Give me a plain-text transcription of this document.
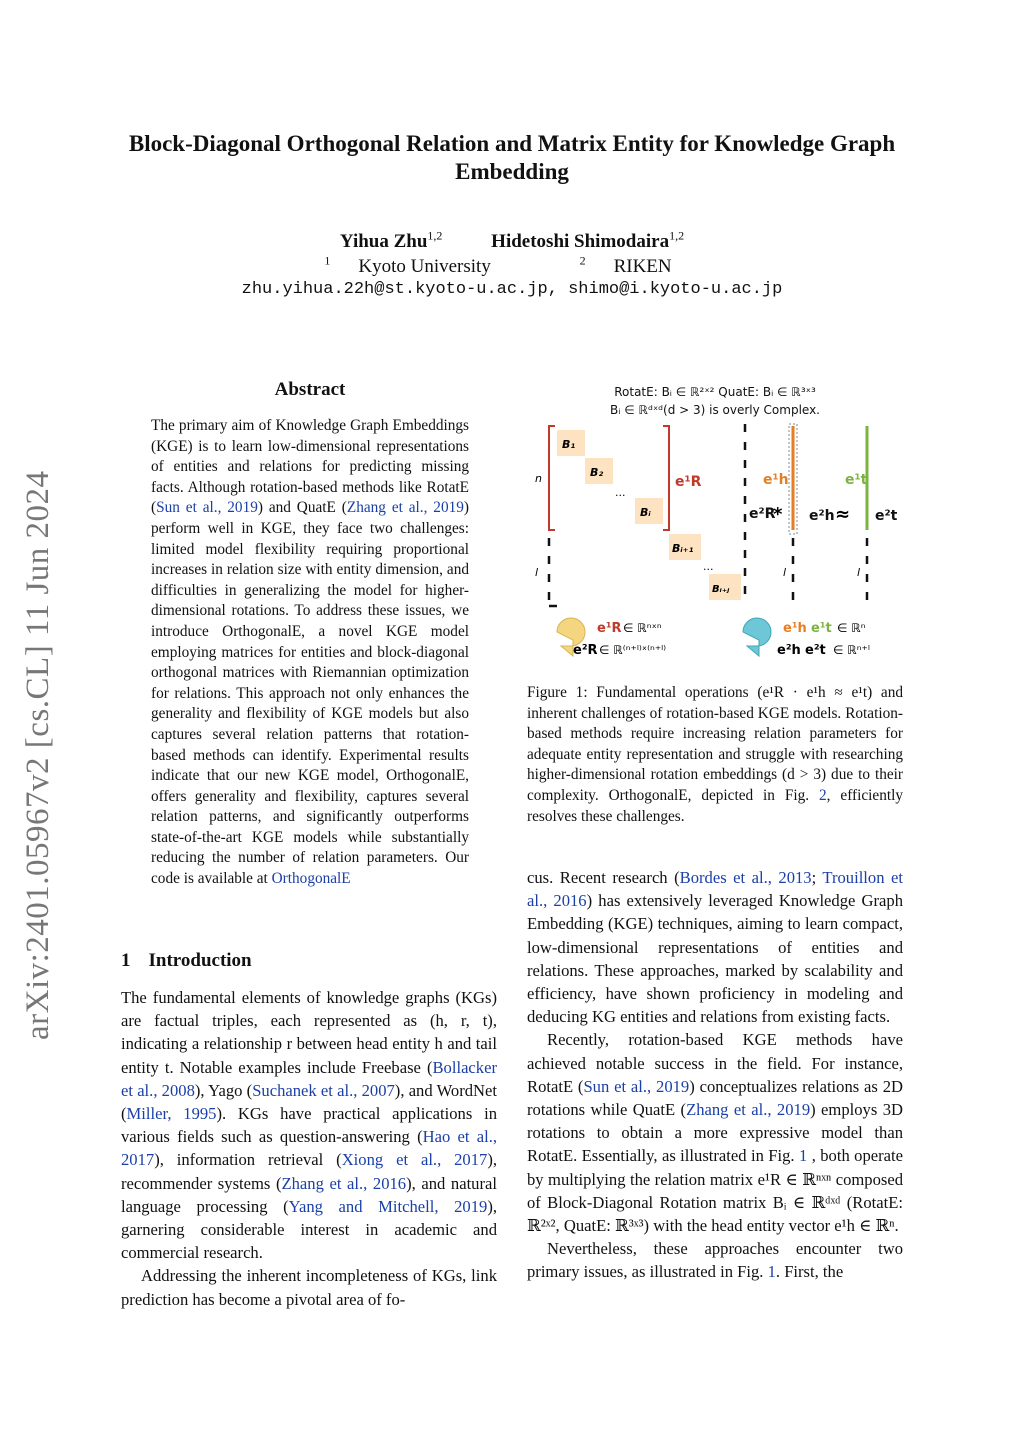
arXiv:2401.05967v2 [cs.CL] 11 Jun 2024
Block-Diagonal Orthogonal Relation and Matrix Entity for Knowledge Graph Embedding
Yihua Zhu$^{1,2}$	Hidetoshi Shimodaira$^{1,2}$
$^1$ Kyoto University	$^2$ RIKEN
zhu.yihua.22h@st.kyoto-u.ac.jp, shimo@i.kyoto-u.ac.jp
Abstract
The primary aim of Knowledge Graph Embeddings (KGE) is to learn low-dimensional representations of entities and relations for predicting missing facts. Although rotation-based methods like RotatE (Sun et al., 2019) and QuatE (Zhang et al., 2019) perform well in KGE, they face two challenges: limited model flexibility requiring proportional increases in relation size with entity dimension, and difficulties in generalizing the model for higher-dimensional rotations. To address these issues, we introduce OrthogonalE, a novel KGE model employing matrices for entities and block-diagonal orthogonal matrices with Riemannian optimization for relations. This approach not only enhances the generality and flexibility of KGE models but also captures several relation patterns that rotation-based methods can identify. Experimental results indicate that our new KGE model, OrthogonalE, offers generality and flexibility, captures several relation patterns, and significantly outperforms state-of-the-art KGE models while substantially reducing the number of relation parameters. Our code is available at OrthogonalE
1 Introduction

The fundamental elements of knowledge graphs (KGs) are factual triples, each represented as (h, r, t), indicating a relationship r between head entity h and tail entity t. Notable examples include Freebase (Bollacker et al., 2008), Yago (Suchanek et al., 2007), and WordNet (Miller, 1995). KGs have practical applications in various fields such as question-answering (Hao et al., 2017), information retrieval (Xiong et al., 2017), recommender systems (Zhang et al., 2016), and natural language processing (Yang and Mitchell, 2019), garnering considerable interest in academic and commercial research.

Addressing the inherent incompleteness of KGs, link prediction has become a pivotal area of fo-

RotatE: Bᵢ ∈ ℝ²ˣ² QuatE: Bᵢ ∈ ℝ³ˣ³
Bᵢ ∈ ℝᵈˣᵈ(d > 3) is overly Complex.
n
l
B₁
B₂
...
Bᵢ
Bᵢ₊₁
...
Bᵢ₊ⱼ
e¹R
e²R
*
e¹h
e²h ≈
l
e¹t
e²t
l
e¹R ∈ ℝⁿˣⁿ
e²R ∈ ℝ⁽ⁿ⁺ˡ⁾ˣ⁽ⁿ⁺ˡ⁾
e¹h e¹t ∈ ℝⁿ
e²h e²t ∈ ℝⁿ⁺ˡ
Figure 1: Fundamental operations (e¹R · e¹h ≈ e¹t) and inherent challenges of rotation-based KGE models. Rotation-based methods require increasing relation parameters for adequate entity representation and struggle with researching higher-dimensional rotation embeddings (d > 3) due to their complexity. OrthogonalE, depicted in Fig. 2, efficiently resolves these challenges.

cus. Recent research (Bordes et al., 2013; Trouillon et al., 2016) has extensively leveraged Knowledge Graph Embedding (KGE) techniques, aiming to learn compact, low-dimensional representations of entities and relations. These approaches, marked by scalability and efficiency, have shown proficiency in modeling and deducing KG entities and relations from existing facts.

Recently, rotation-based KGE methods have achieved notable success in the field. For instance, RotatE (Sun et al., 2019) conceptualizes relations as 2D rotations while QuatE (Zhang et al., 2019) employs 3D rotations to obtain a more expressive model than RotatE. Essentially, as illustrated in Fig. 1 , both operate by multiplying the relation matrix e¹R ∈ ℝⁿˣⁿ composed of Block-Diagonal Rotation matrix Bᵢ ∈ ℝᵈˣᵈ (RotatE: ℝ²ˣ², QuatE: ℝ³ˣ³) with the head entity vector e¹h ∈ ℝⁿ.

Nevertheless, these approaches encounter two primary issues, as illustrated in Fig. 1. First, the
